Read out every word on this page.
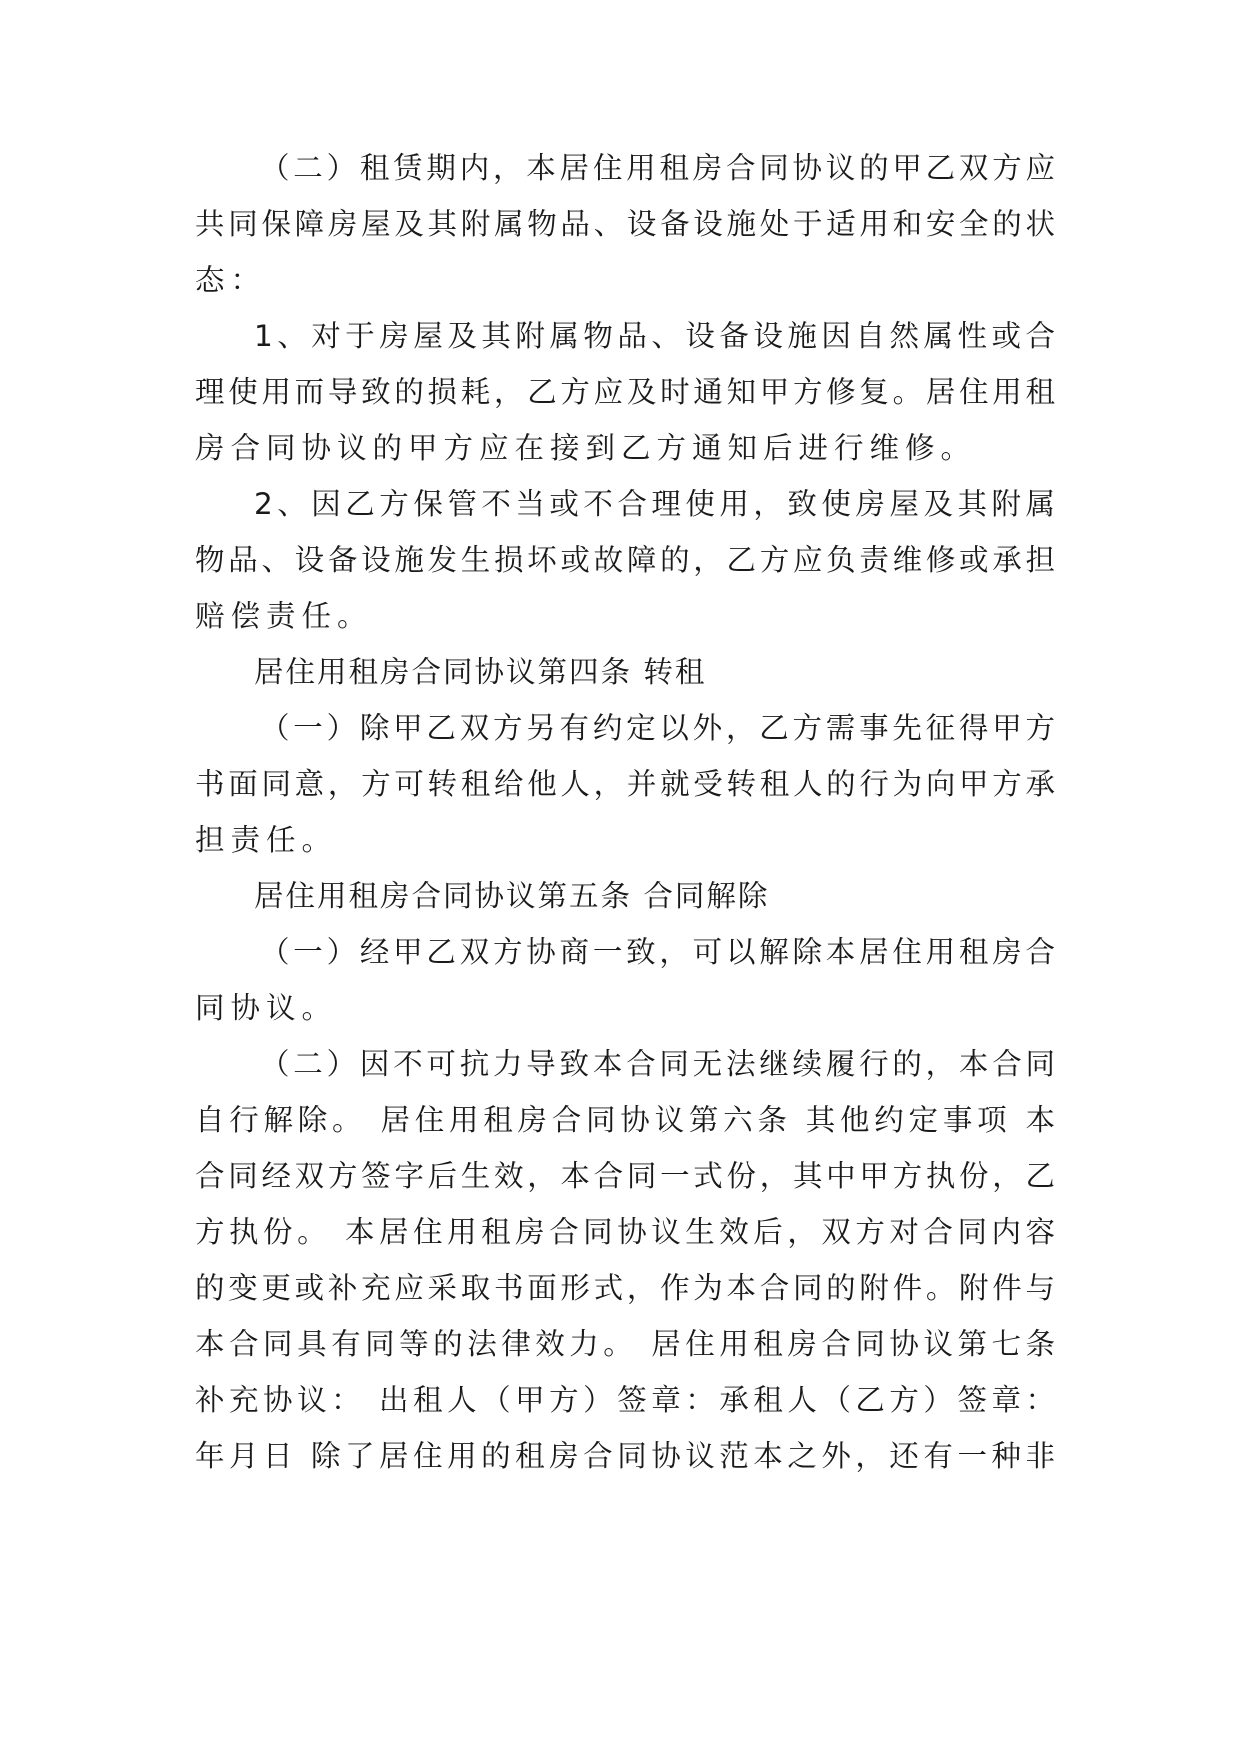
（二）租赁期内，本居住用租房合同协议的甲乙双方应
共同保障房屋及其附属物品、设备设施处于适用和安全的状
态：
1、对于房屋及其附属物品、设备设施因自然属性或合
理使用而导致的损耗，乙方应及时通知甲方修复。居住用租
房合同协议的甲方应在接到乙方通知后进行维修。
2、因乙方保管不当或不合理使用，致使房屋及其附属
物品、设备设施发生损坏或故障的，乙方应负责维修或承担
赔偿责任。
居住用租房合同协议第四条 转租
（一）除甲乙双方另有约定以外，乙方需事先征得甲方
书面同意，方可转租给他人，并就受转租人的行为向甲方承
担责任。
居住用租房合同协议第五条 合同解除
（一）经甲乙双方协商一致，可以解除本居住用租房合
同协议。
（二）因不可抗力导致本合同无法继续履行的，本合同
自行解除。 居住用租房合同协议第六条 其他约定事项 本
合同经双方签字后生效，本合同一式份，其中甲方执份，乙
方执份。 本居住用租房合同协议生效后，双方对合同内容
的变更或补充应采取书面形式，作为本合同的附件。附件与
本合同具有同等的法律效力。 居住用租房合同协议第七条
补充协议： 出租人（甲方）签章：承租人（乙方）签章：
年月日 除了居住用的租房合同协议范本之外，还有一种非
